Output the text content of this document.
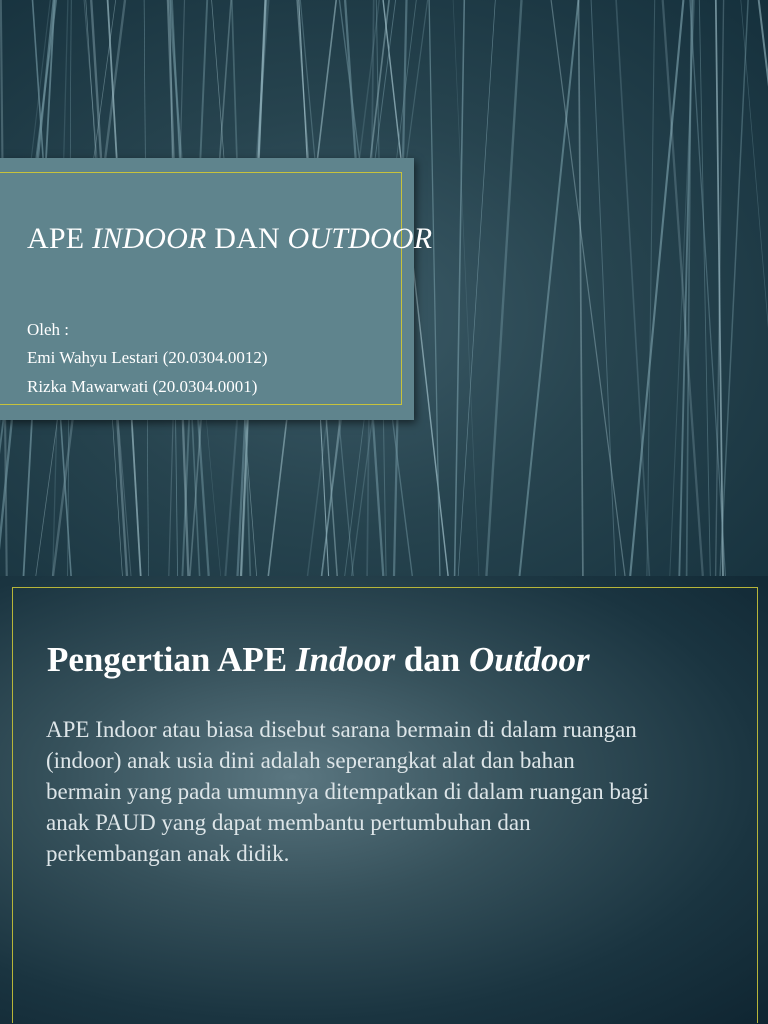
APE INDOOR DAN OUTDOOR
Oleh :
Emi Wahyu Lestari (20.0304.0012)
Rizka Mawarwati (20.0304.0001)
Pengertian APE Indoor dan Outdoor
APE Indoor atau biasa disebut sarana bermain di dalam ruangan
(indoor) anak usia dini adalah seperangkat alat dan bahan
bermain yang pada umumnya ditempatkan di dalam ruangan bagi
anak PAUD yang dapat membantu pertumbuhan dan
perkembangan anak didik.
